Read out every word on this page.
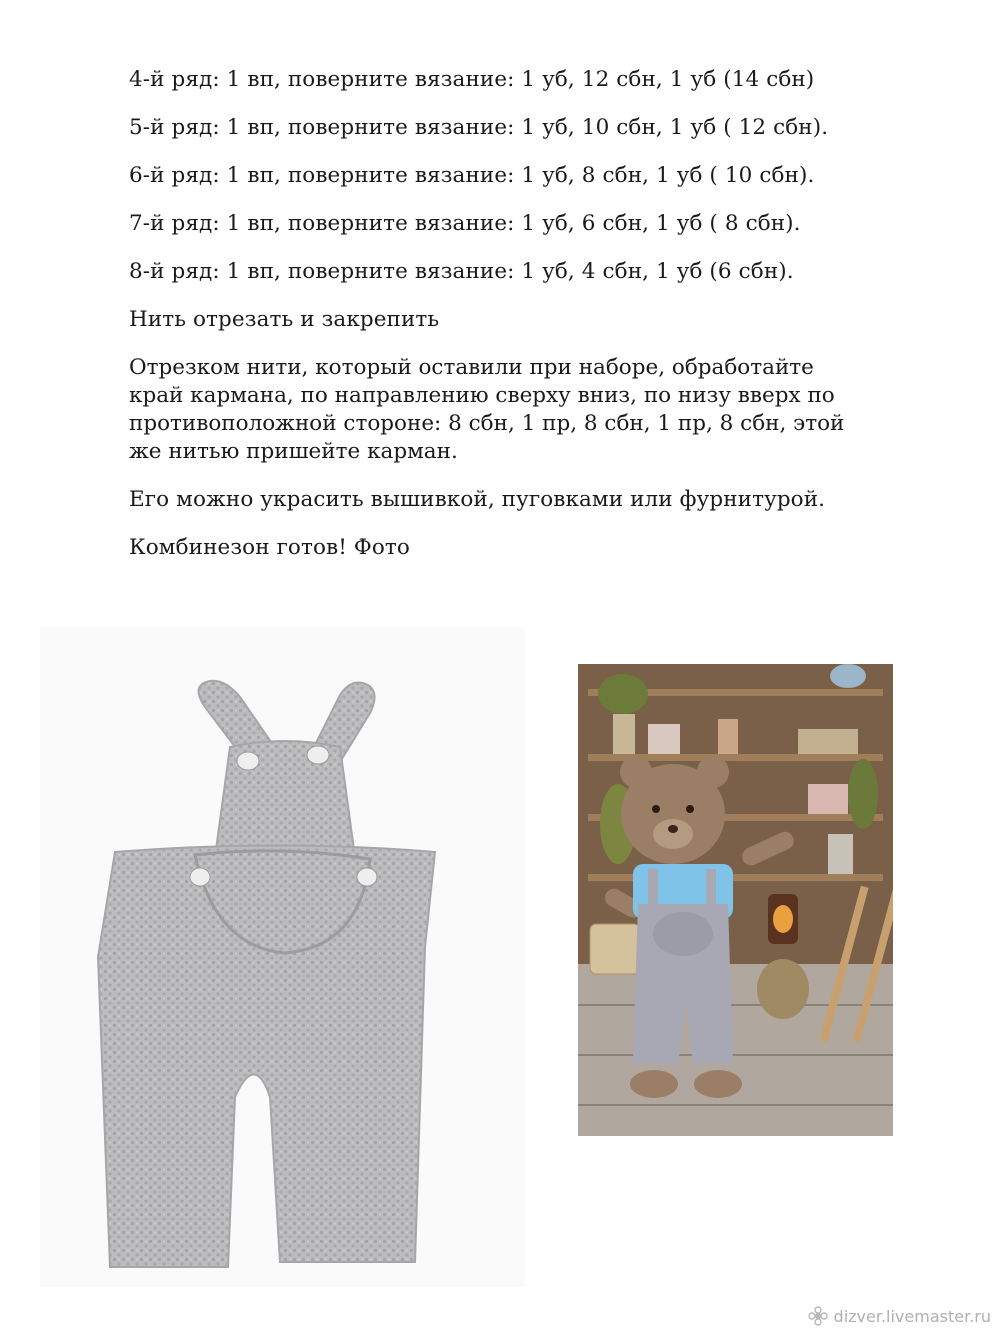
4-й ряд: 1 вп, поверните вязание: 1 уб, 12 сбн, 1 уб (14 сбн)
5-й ряд: 1 вп, поверните вязание: 1 уб, 10 сбн, 1 уб ( 12 сбн).
6-й ряд: 1 вп, поверните вязание: 1 уб, 8 сбн, 1 уб ( 10 сбн).
7-й ряд: 1 вп, поверните вязание: 1 уб, 6 сбн, 1 уб ( 8 сбн).
8-й ряд: 1 вп, поверните вязание: 1 уб, 4 сбн, 1 уб (6 сбн).
Нить отрезать и закрепить
Отрезком нити, который оставили при наборе, обработайте
край кармана, по направлению сверху вниз, по низу вверх по
противоположной стороне: 8 сбн, 1 пр, 8 сбн, 1 пр, 8 сбн, этой
же нитью пришейте карман.
Его можно украсить вышивкой, пуговками или фурнитурой.
Комбинезон готов! Фото
dizver.livemaster.ru
